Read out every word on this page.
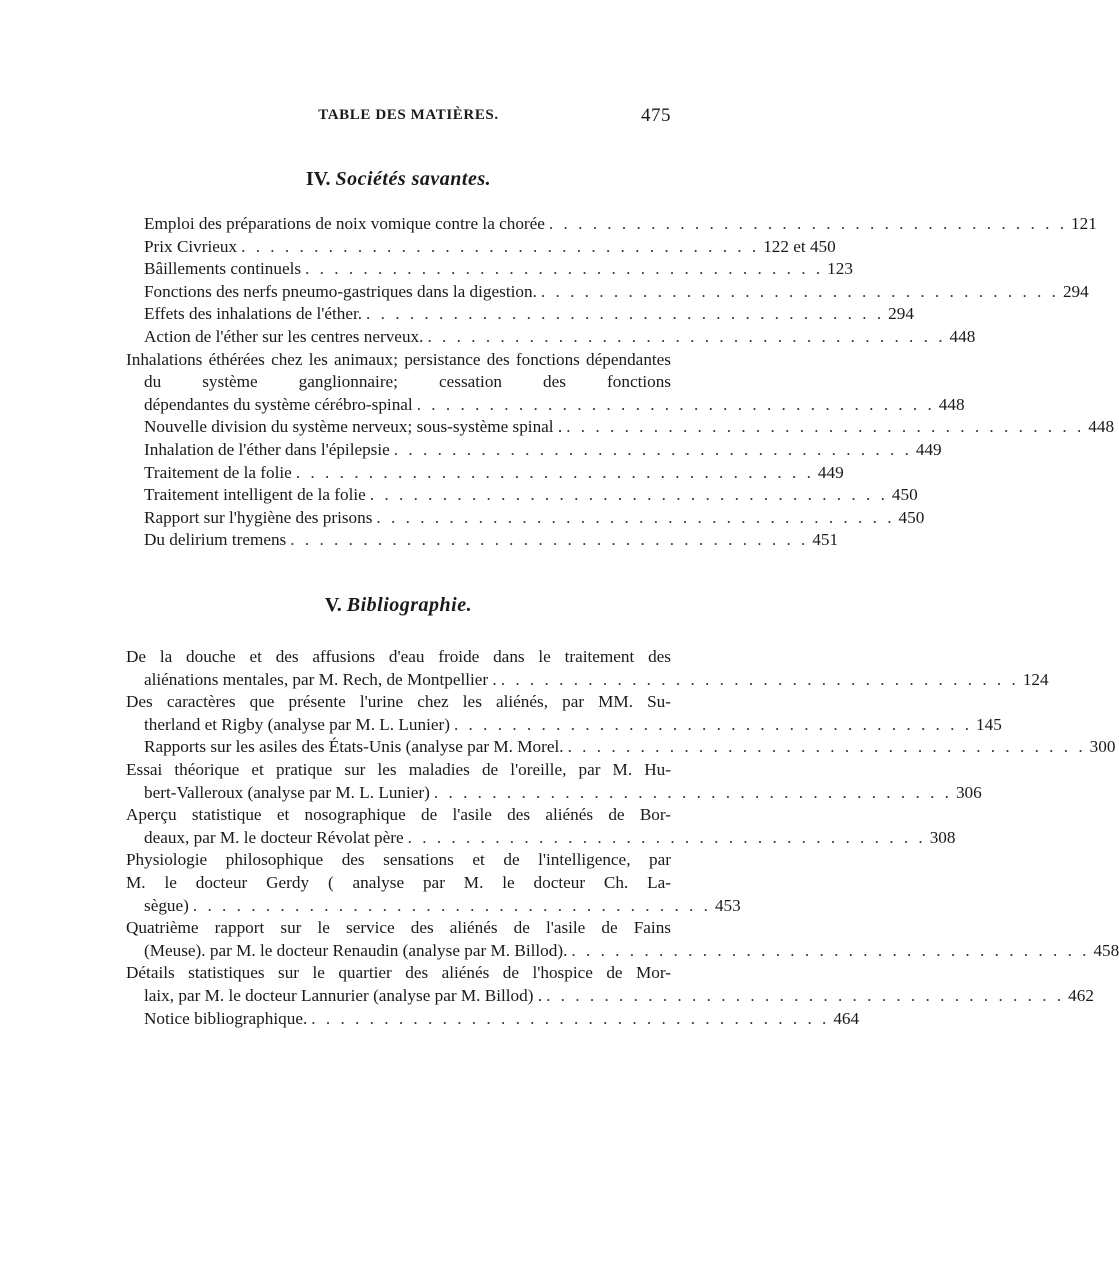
TABLE DES MATIÈRES.	475
IV. Sociétés savantes.
Emploi des préparations de noix vomique contre la chorée . . . . . . . . . . . . . . . . . . . . . . . . . . . . . . . . . . . . 121
Prix Civrieux . . . . . . . . . . . . . . . . . . . . . . . . . . . . . . . . . . . . 122 et 450
Bâillements continuels . . . . . . . . . . . . . . . . . . . . . . . . . . . . . . . . . . . . 123
Fonctions des nerfs pneumo-gastriques dans la digestion. . . . . . . . . . . . . . . . . . . . . . . . . . . . . . . . . . . . . 294
Effets des inhalations de l'éther. . . . . . . . . . . . . . . . . . . . . . . . . . . . . . . . . . . . . 294
Action de l'éther sur les centres nerveux. . . . . . . . . . . . . . . . . . . . . . . . . . . . . . . . . . . . . 448
Inhalations éthérées chez les animaux; persistance des fonctions dépendantes du système ganglionnaire; cessation des fonctions
dépendantes du système cérébro-spinal . . . . . . . . . . . . . . . . . . . . . . . . . . . . . . . . . . . . 448
Nouvelle division du système nerveux; sous-système spinal . . . . . . . . . . . . . . . . . . . . . . . . . . . . . . . . . . . . . 448
Inhalation de l'éther dans l'épilepsie . . . . . . . . . . . . . . . . . . . . . . . . . . . . . . . . . . . . 449
Traitement de la folie . . . . . . . . . . . . . . . . . . . . . . . . . . . . . . . . . . . . 449
Traitement intelligent de la folie . . . . . . . . . . . . . . . . . . . . . . . . . . . . . . . . . . . . 450
Rapport sur l'hygiène des prisons . . . . . . . . . . . . . . . . . . . . . . . . . . . . . . . . . . . . 450
Du delirium tremens . . . . . . . . . . . . . . . . . . . . . . . . . . . . . . . . . . . . 451
V. Bibliographie.
De la douche et des affusions d'eau froide dans le traitement des
aliénations mentales, par M. Rech, de Montpellier . . . . . . . . . . . . . . . . . . . . . . . . . . . . . . . . . . . . . 124
Des caractères que présente l'urine chez les aliénés, par MM. Su-
therland et Rigby (analyse par M. L. Lunier) . . . . . . . . . . . . . . . . . . . . . . . . . . . . . . . . . . . . 145
Rapports sur les asiles des États-Unis (analyse par M. Morel. . . . . . . . . . . . . . . . . . . . . . . . . . . . . . . . . . . . . 300
Essai théorique et pratique sur les maladies de l'oreille, par M. Hu-
bert-Valleroux (analyse par M. L. Lunier) . . . . . . . . . . . . . . . . . . . . . . . . . . . . . . . . . . . . 306
Aperçu statistique et nosographique de l'asile des aliénés de Bor-
deaux, par M. le docteur Révolat père . . . . . . . . . . . . . . . . . . . . . . . . . . . . . . . . . . . . 308
Physiologie philosophique des sensations et de l'intelligence, par
M. le docteur Gerdy ( analyse par M. le docteur Ch. La-
sègue) . . . . . . . . . . . . . . . . . . . . . . . . . . . . . . . . . . . . 453
Quatrième rapport sur le service des aliénés de l'asile de Fains
(Meuse). par M. le docteur Renaudin (analyse par M. Billod). . . . . . . . . . . . . . . . . . . . . . . . . . . . . . . . . . . . . 458
Détails statistiques sur le quartier des aliénés de l'hospice de Mor-
laix, par M. le docteur Lannurier (analyse par M. Billod) . . . . . . . . . . . . . . . . . . . . . . . . . . . . . . . . . . . . . 462
Notice bibliographique. . . . . . . . . . . . . . . . . . . . . . . . . . . . . . . . . . . . . 464
